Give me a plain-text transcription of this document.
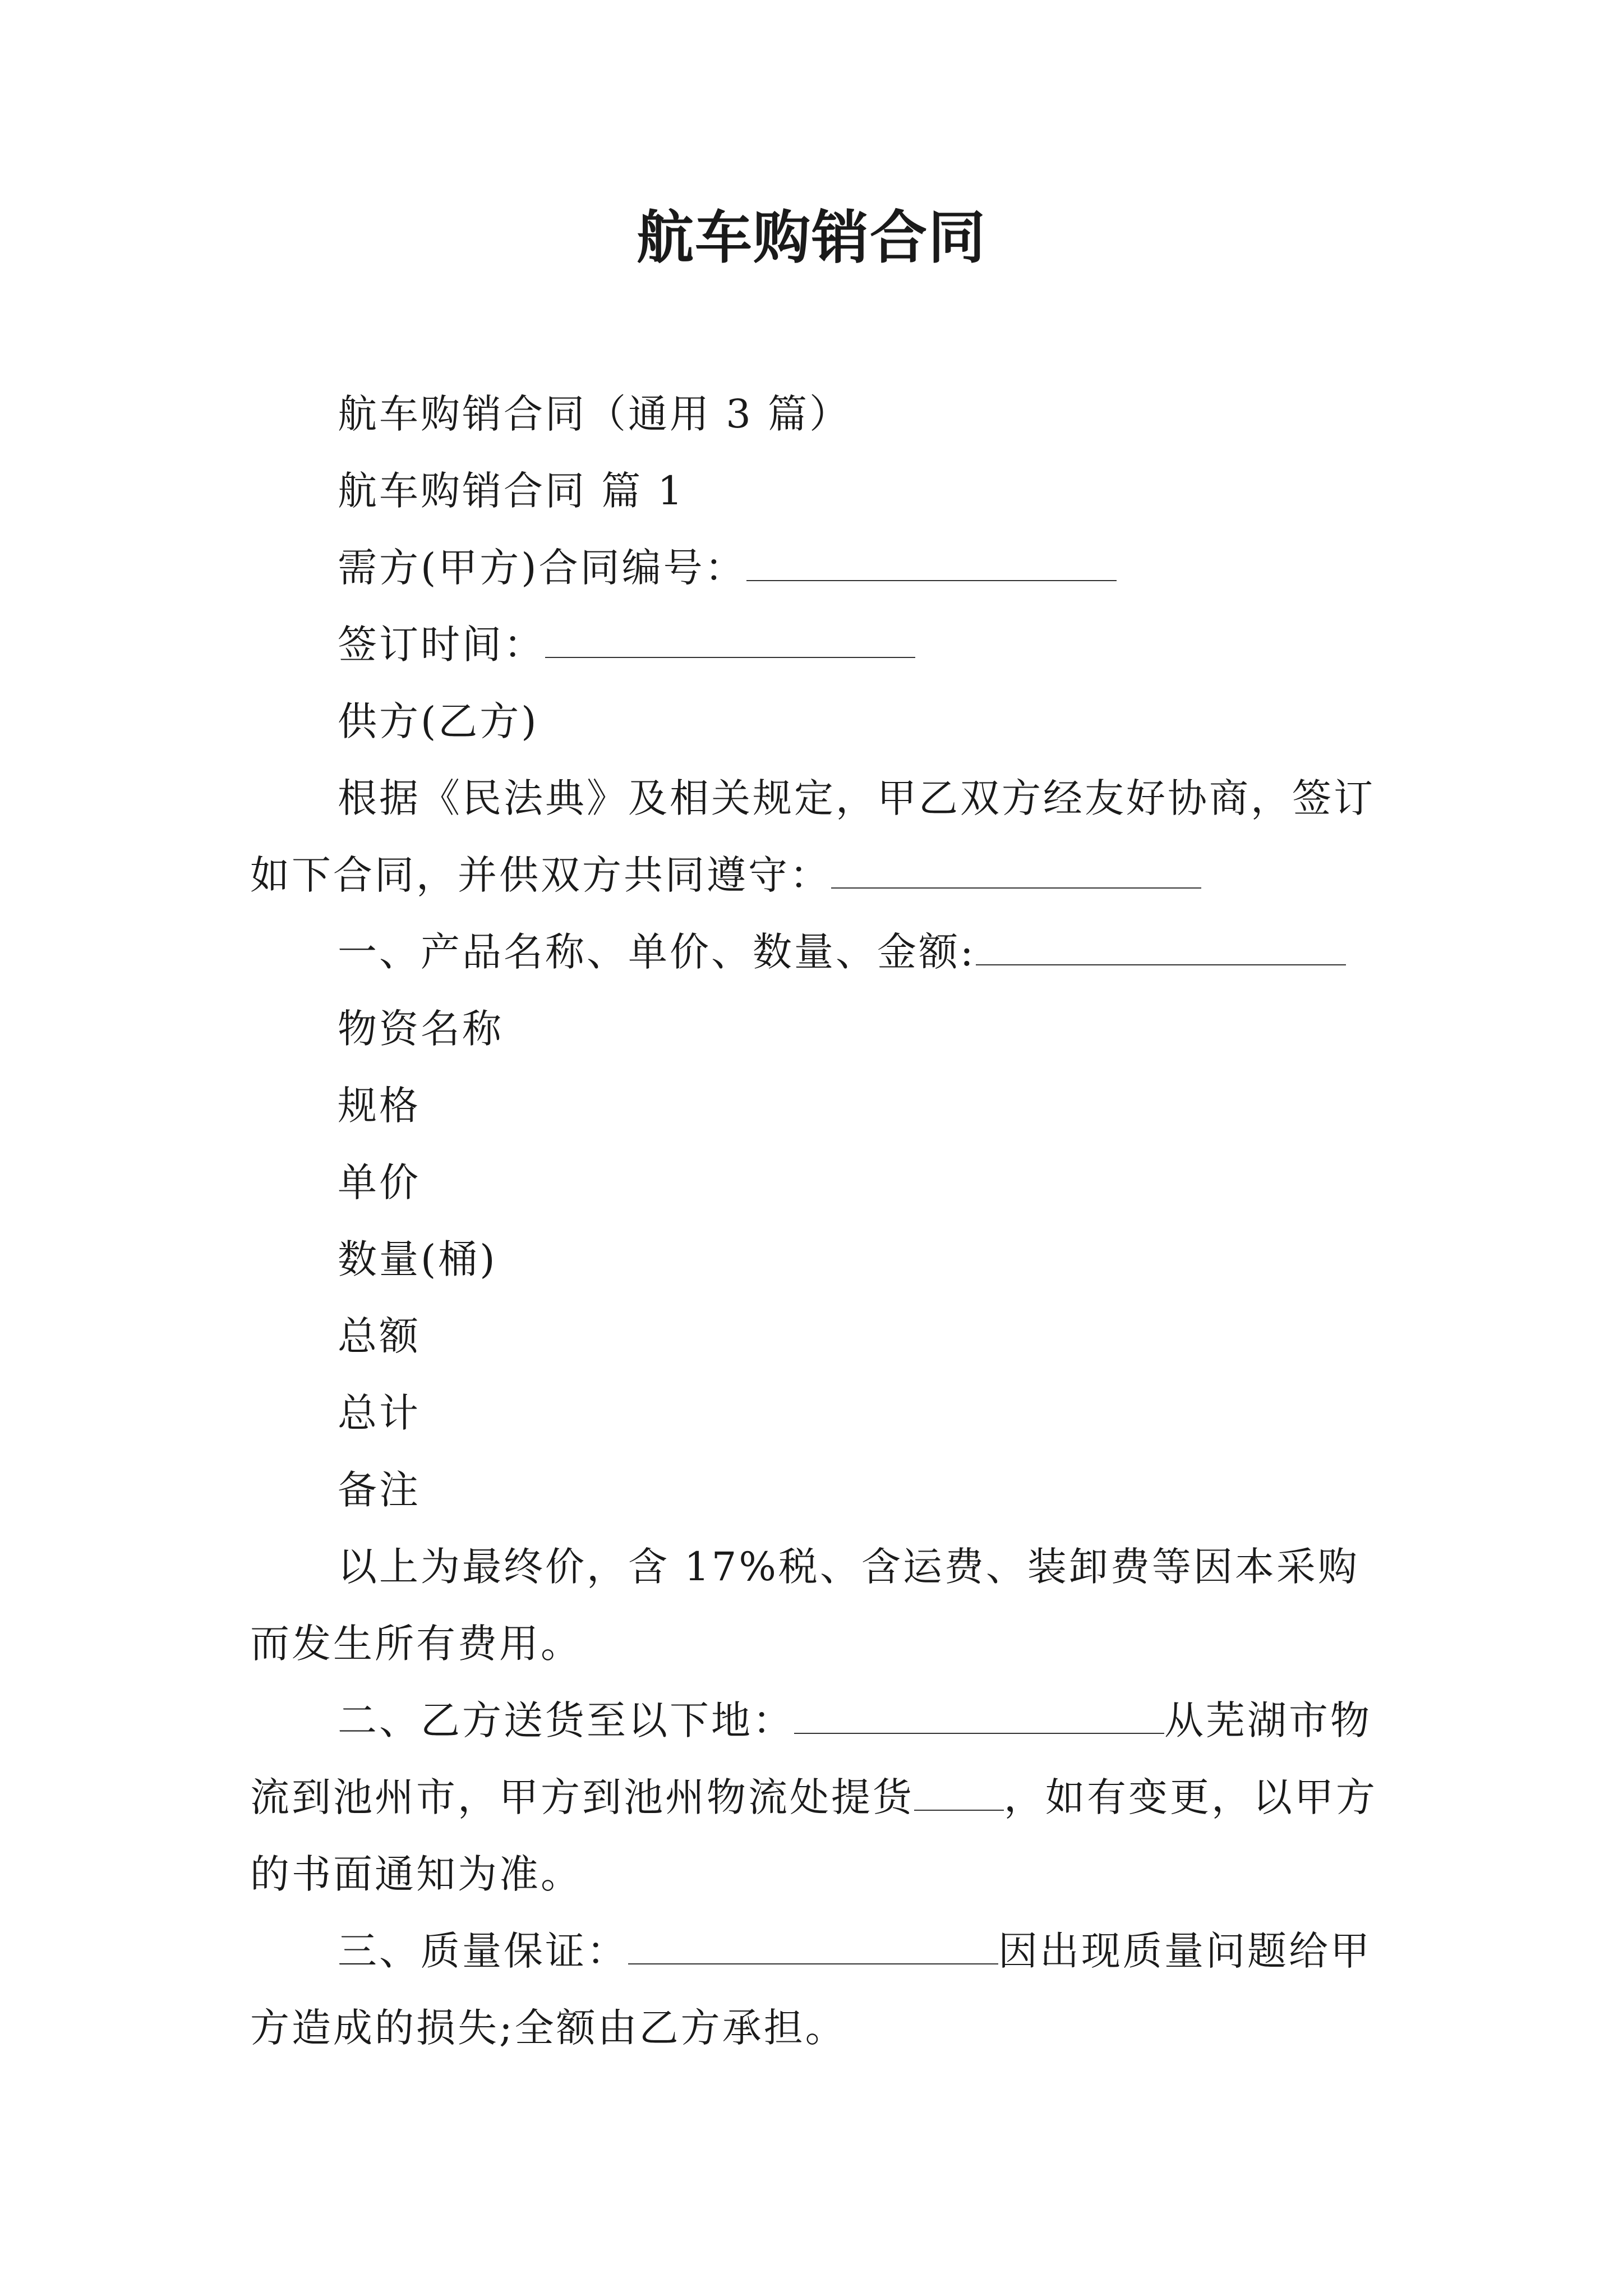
航车购销合同

航车购销合同（通用 3 篇）

航车购销合同 篇 1

需方(甲方)合同编号：

签订时间：

供方(乙方)

根据《民法典》及相关规定，甲乙双方经友好协商，签订如下合同，并供双方共同遵守：

一、产品名称、单价、数量、金额:

物资名称

规格

单价

数量(桶)

总额

总计

备注

以上为最终价，含 17%税、含运费、装卸费等因本采购而发生所有费用。

二、乙方送货至以下地：	从芜湖市物流到池州市，甲方到池州物流处提货 ，如有变更，以甲方的书面通知为准。

三、质量保证：	因出现质量问题给甲方造成的损失;全额由乙方承担。
